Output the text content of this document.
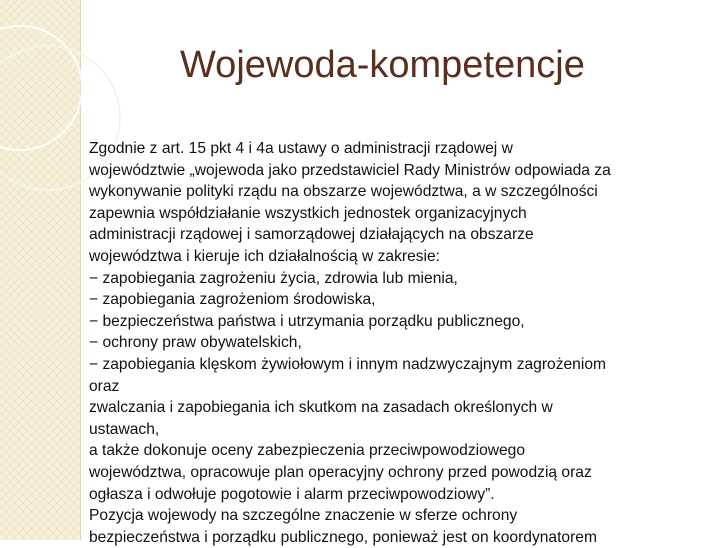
Wojewoda-kompetencje

Zgodnie z art. 15 pkt 4 i 4a ustawy o administracji rządowej w

województwie „wojewoda jako przedstawiciel Rady Ministrów odpowiada za

wykonywanie polityki rządu na obszarze województwa, a w szczególności

zapewnia współdziałanie wszystkich jednostek organizacyjnych

administracji rządowej i samorządowej działających na obszarze

województwa i kieruje ich działalnością w zakresie:

− zapobiegania zagrożeniu życia, zdrowia lub mienia,

− zapobiegania zagrożeniom środowiska,

− bezpieczeństwa państwa i utrzymania porządku publicznego,

− ochrony praw obywatelskich,

− zapobiegania klęskom żywiołowym i innym nadzwyczajnym zagrożeniom

oraz

zwalczania i zapobiegania ich skutkom na zasadach określonych w

ustawach,

a także dokonuje oceny zabezpieczenia przeciwpowodziowego

województwa, opracowuje plan operacyjny ochrony przed powodzią oraz

ogłasza i odwołuje pogotowie i alarm przeciwpowodziowy”.

Pozycja wojewody na szczególne znaczenie w sferze ochrony

bezpieczeństwa i porządku publicznego, ponieważ jest on koordynatorem
